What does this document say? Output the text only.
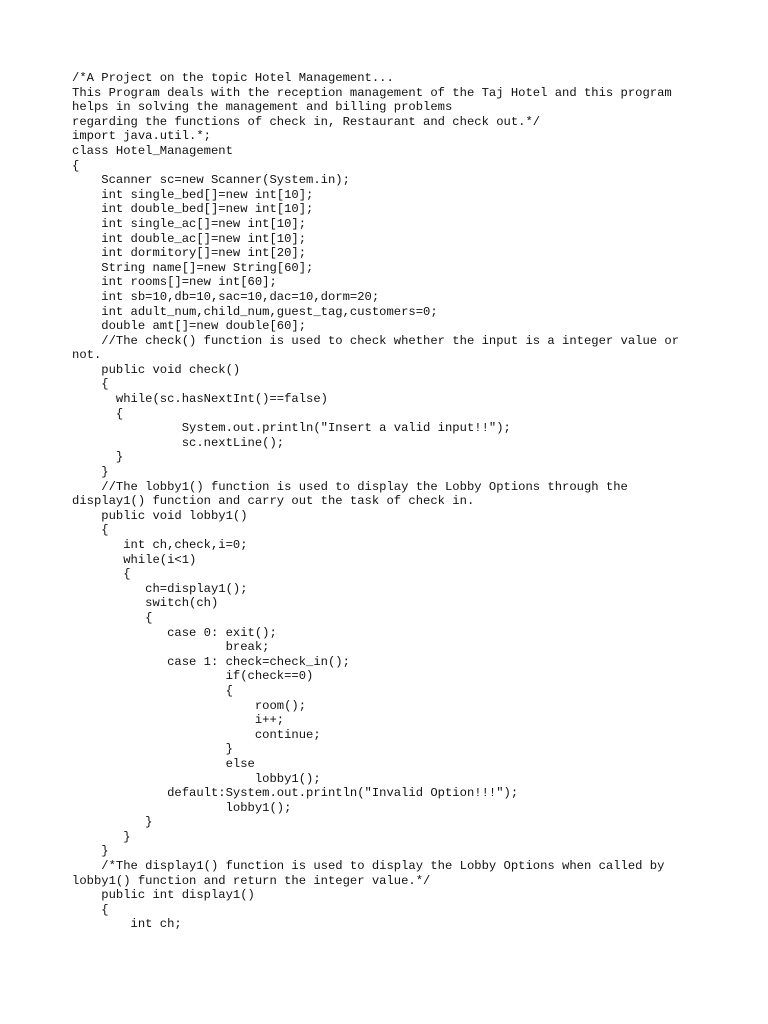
/*A Project on the topic Hotel Management...
This Program deals with the reception management of the Taj Hotel and this program
helps in solving the management and billing problems
regarding the functions of check in, Restaurant and check out.*/
import java.util.*;
class Hotel_Management
{
Scanner sc=new Scanner(System.in);
int single_bed[]=new int[10];
int double_bed[]=new int[10];
int single_ac[]=new int[10];
int double_ac[]=new int[10];
int dormitory[]=new int[20];
String name[]=new String[60];
int rooms[]=new int[60];
int sb=10,db=10,sac=10,dac=10,dorm=20;
int adult_num,child_num,guest_tag,customers=0;
double amt[]=new double[60];
//The check() function is used to check whether the input is a integer value or
not.
public void check()
{
while(sc.hasNextInt()==false)
{
System.out.println("Insert a valid input!!");
sc.nextLine();
}
}
//The lobby1() function is used to display the Lobby Options through the
display1() function and carry out the task of check in.
public void lobby1()
{
int ch,check,i=0;
while(i<1)
{
ch=display1();
switch(ch)
{
case 0: exit();
break;
case 1: check=check_in();
if(check==0)
{
room();
i++;
continue;
}
else
lobby1();
default:System.out.println("Invalid Option!!!");
lobby1();
}
}
}
/*The display1() function is used to display the Lobby Options when called by
lobby1() function and return the integer value.*/
public int display1()
{
int ch;
